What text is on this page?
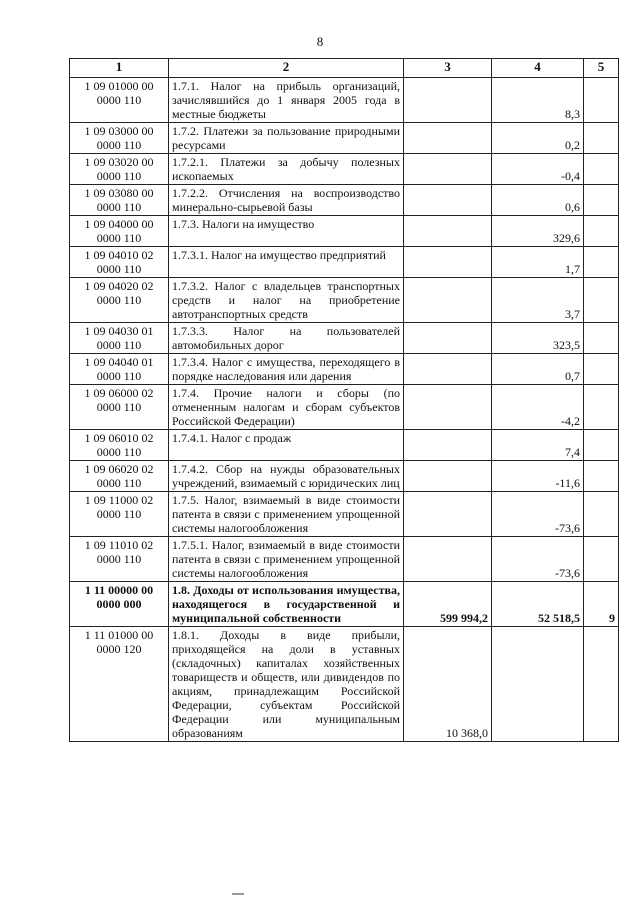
8
1	2	3	4	5
1 09 01000 00 0000 110	1.7.1. Налог на прибыль организаций, зачислявшийся до 1 января 2005 года в местные бюджеты		8,3	
1 09 03000 00 0000 110	1.7.2. Платежи за пользование природными ресурсами		0,2	
1 09 03020 00 0000 110	1.7.2.1. Платежи за добычу полезных ископаемых		-0,4	
1 09 03080 00 0000 110	1.7.2.2. Отчисления на воспроизводство минерально-сырьевой базы		0,6	
1 09 04000 00 0000 110	1.7.3. Налоги на имущество		329,6	
1 09 04010 02 0000 110	1.7.3.1. Налог на имущество предприятий		1,7	
1 09 04020 02 0000 110	1.7.3.2. Налог с владельцев транспортных средств и налог на приобретение автотранспортных средств		3,7	
1 09 04030 01 0000 110	1.7.3.3. Налог на пользователей автомобильных дорог		323,5	
1 09 04040 01 0000 110	1.7.3.4. Налог с имущества, переходящего в порядке наследования или дарения		0,7	
1 09 06000 02 0000 110	1.7.4. Прочие налоги и сборы (по отмененным налогам и сборам субъектов Российской Федерации)		-4,2	
1 09 06010 02 0000 110	1.7.4.1. Налог с продаж		7,4	
1 09 06020 02 0000 110	1.7.4.2. Сбор на нужды образовательных учреждений, взимаемый с юридических лиц		-11,6	
1 09 11000 02 0000 110	1.7.5. Налог, взимаемый в виде стоимости патента в связи с применением упрощенной системы налогообложения		-73,6	
1 09 11010 02 0000 110	1.7.5.1. Налог, взимаемый в виде стоимости патента в связи с применением упрощенной системы налогообложения		-73,6	
1 11 00000 00 0000 000	1.8. Доходы от использования имущества, находящегося в государственной и муниципальной собственности	599 994,2	52 518,5	9
1 11 01000 00 0000 120	1.8.1. Доходы в виде прибыли, приходящейся на доли в уставных (складочных) капиталах хозяйственных товариществ и обществ, или дивидендов по акциям, принадлежащим Российской Федерации, субъектам Российской Федерации или муниципальным образованиям	10 368,0		
